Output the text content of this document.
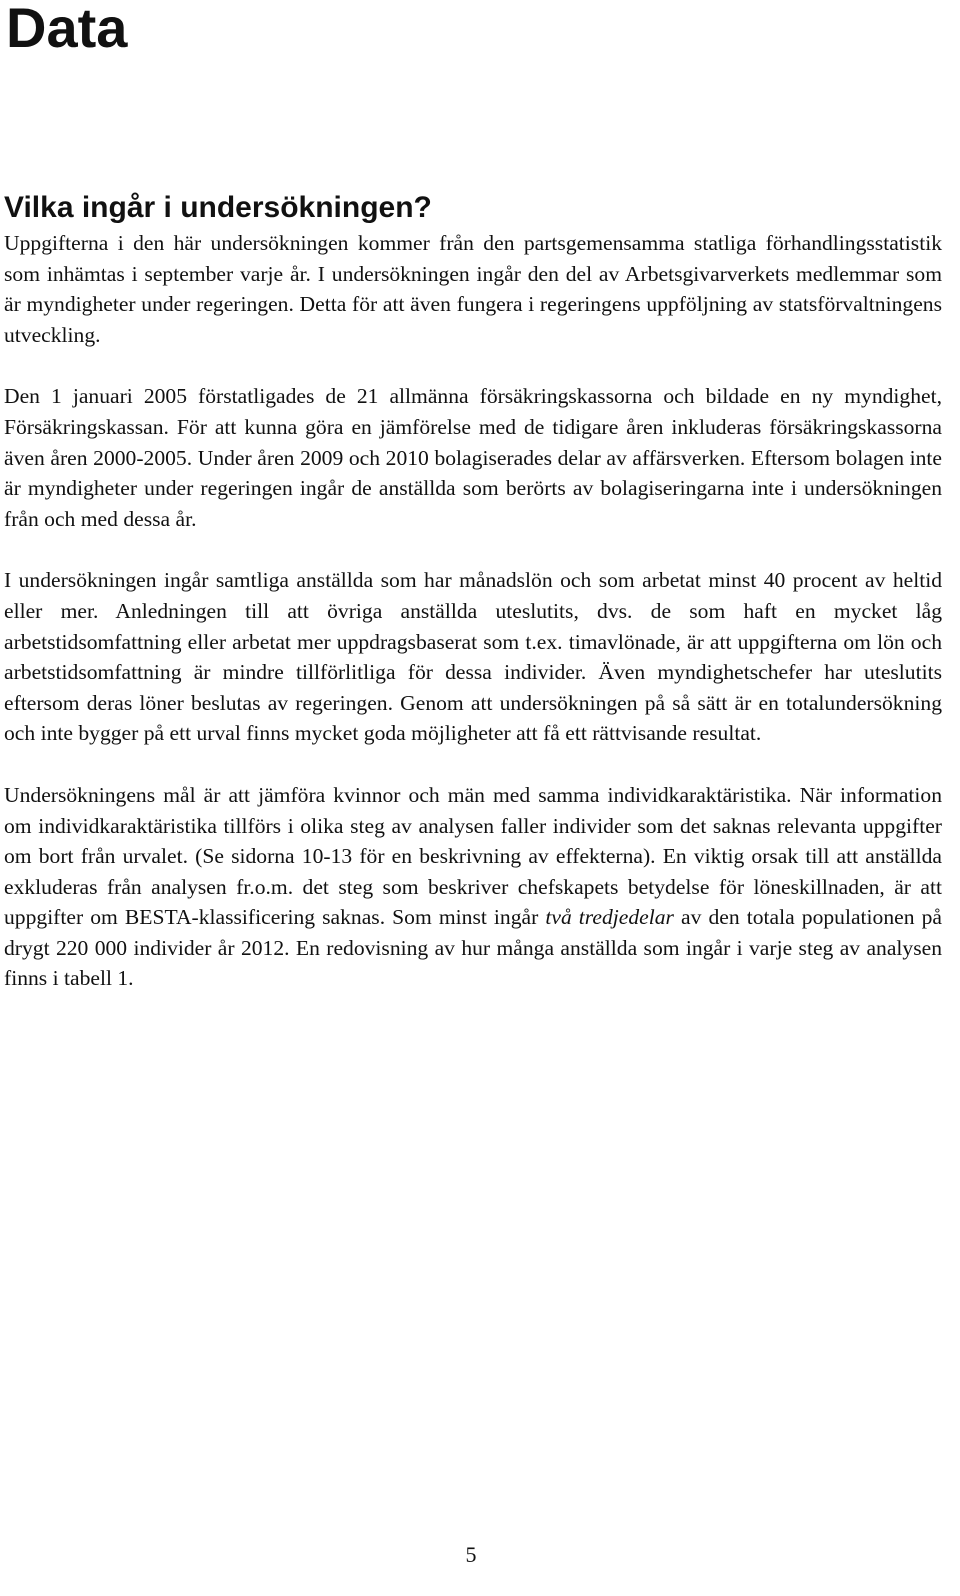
Data
Vilka ingår i undersökningen?

Uppgifterna i den här undersökningen kommer från den partsgemensamma statliga förhandlingsstatistik som inhämtas i september varje år. I undersökningen ingår den del av Arbetsgivarverkets medlemmar som är myndigheter under regeringen. Detta för att även fungera i regeringens uppföljning av statsförvaltningens utveckling.

Den 1 januari 2005 förstatligades de 21 allmänna försäkringskassorna och bildade en ny myndighet, Försäkringskassan. För att kunna göra en jämförelse med de tidigare åren inkluderas försäkringskassorna även åren 2000-2005. Under åren 2009 och 2010 bolagiserades delar av affärsverken. Eftersom bolagen inte är myndigheter under regeringen ingår de anställda som berörts av bolagiseringarna inte i undersökningen från och med dessa år.

I undersökningen ingår samtliga anställda som har månadslön och som arbetat minst 40 procent av heltid eller mer. Anledningen till att övriga anställda uteslutits, dvs. de som haft en mycket låg arbetstidsomfattning eller arbetat mer uppdragsbaserat som t.ex. timavlönade, är att uppgifterna om lön och arbetstidsomfattning är mindre tillförlitliga för dessa individer. Även myndighetschefer har uteslutits eftersom deras löner beslutas av regeringen. Genom att undersökningen på så sätt är en totalundersökning och inte bygger på ett urval finns mycket goda möjligheter att få ett rättvisande resultat.

Undersökningens mål är att jämföra kvinnor och män med samma individkaraktäristika. När information om individkaraktäristika tillförs i olika steg av analysen faller individer som det saknas relevanta uppgifter om bort från urvalet. (Se sidorna 10-13 för en beskrivning av effekterna). En viktig orsak till att anställda exkluderas från analysen fr.o.m. det steg som beskriver chefskapets betydelse för löneskillnaden, är att uppgifter om BESTA-klassificering saknas. Som minst ingår två tredjedelar av den totala populationen på drygt 220 000 individer år 2012. En redovisning av hur många anställda som ingår i varje steg av analysen finns i tabell 1.

5
